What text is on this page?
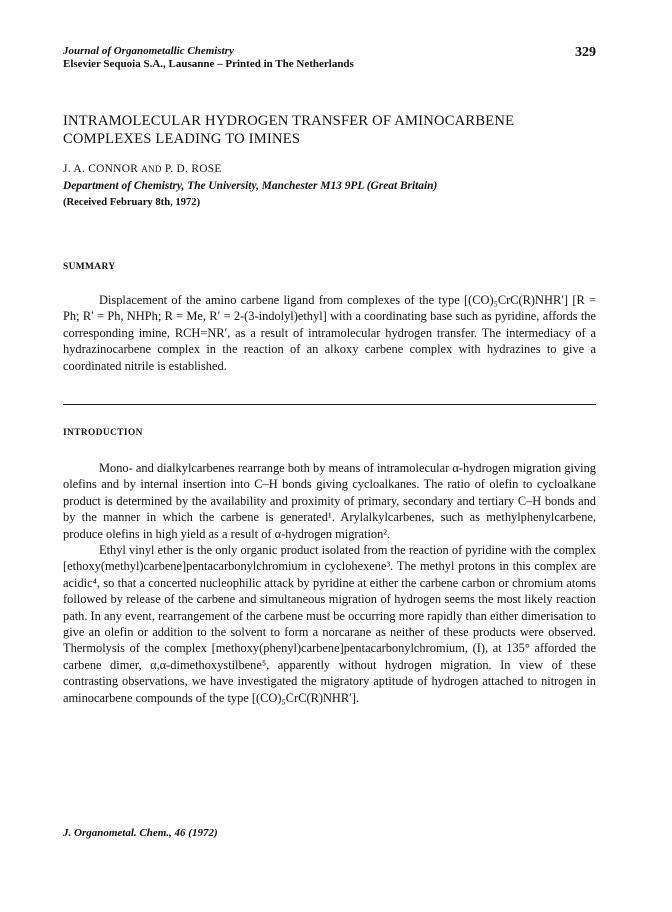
Journal of Organometallic Chemistry
Elsevier Sequoia S.A., Lausanne – Printed in The Netherlands
329
INTRAMOLECULAR HYDROGEN TRANSFER OF AMINOCARBENE
COMPLEXES LEADING TO IMINES
J. A. CONNOR AND P. D. ROSE
Department of Chemistry, The University, Manchester M13 9PL (Great Britain)
(Received February 8th, 1972)
SUMMARY

Displacement of the amino carbene ligand from complexes of the type [(CO)₅CrC(R)NHR′] [R = Ph; R′ = Ph, NHPh; R = Me, R′ = 2-(3-indolyl)ethyl] with a coordinating base such as pyridine, affords the corresponding imine, RCH=NR′, as a result of intramolecular hydrogen transfer. The intermediacy of a hydrazinocarbene complex in the reaction of an alkoxy carbene complex with hydrazines to give a coordinated nitrile is established.

INTRODUCTION

Mono- and dialkylcarbenes rearrange both by means of intramolecular α-hydrogen migration giving olefins and by internal insertion into C–H bonds giving cycloalkanes. The ratio of olefin to cycloalkane product is determined by the availability and proximity of primary, secondary and tertiary C–H bonds and by the manner in which the carbene is generated¹. Arylalkylcarbenes, such as methylphenylcarbene, produce olefins in high yield as a result of α-hydrogen migration².

Ethyl vinyl ether is the only organic product isolated from the reaction of pyridine with the complex [ethoxy(methyl)carbene]pentacarbonylchromium in cyclohexene³. The methyl protons in this complex are acidic⁴, so that a concerted nucleophilic attack by pyridine at either the carbene carbon or chromium atoms followed by release of the carbene and simultaneous migration of hydrogen seems the most likely reaction path. In any event, rearrangement of the carbene must be occurring more rapidly than either dimerisation to give an olefin or addition to the solvent to form a norcarane as neither of these products were observed. Thermolysis of the complex [methoxy(phenyl)carbene]pentacarbonylchromium, (I), at 135° afforded the carbene dimer, α,α-dimethoxystilbene⁵, apparently without hydrogen migration. In view of these contrasting observations, we have investigated the migratory aptitude of hydrogen attached to nitrogen in aminocarbene compounds of the type [(CO)₅CrC(R)NHR′].

J. Organometal. Chem., 46 (1972)
